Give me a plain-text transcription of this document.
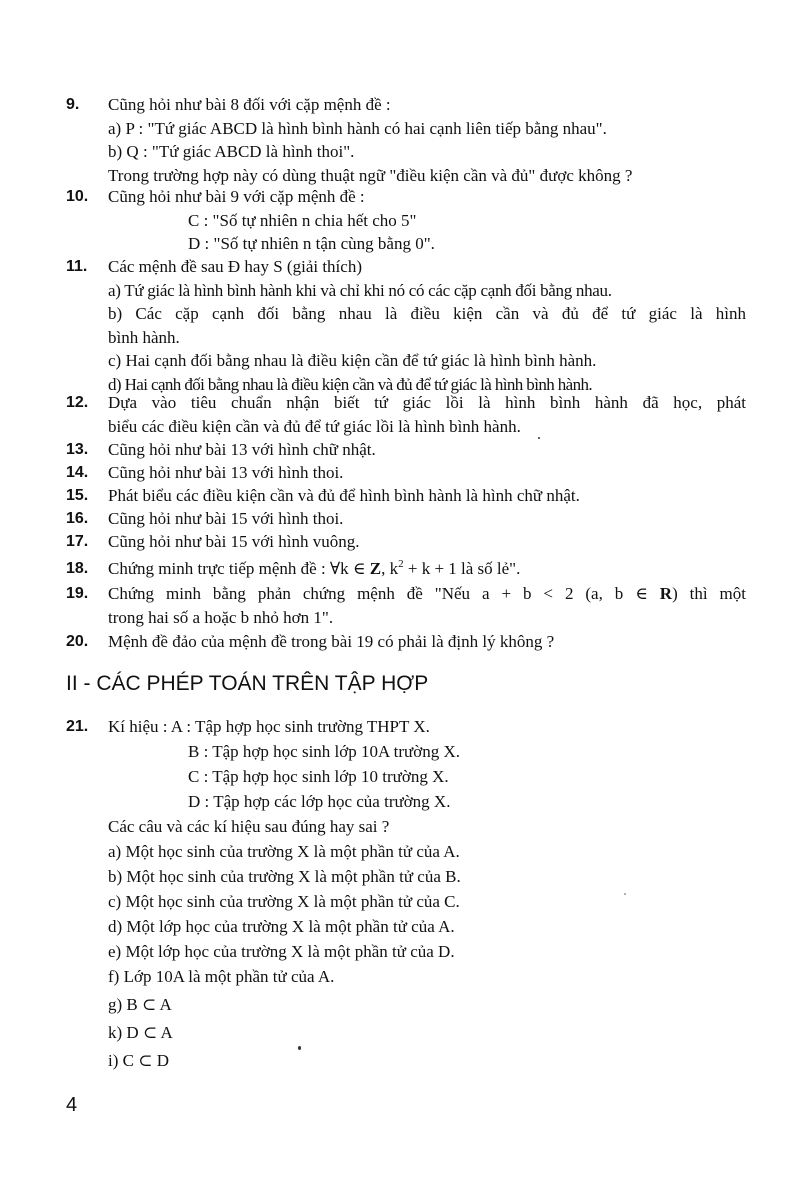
9.	Cũng hỏi như bài 8 đối với cặp mệnh đề :
a) P : "Tứ giác ABCD là hình bình hành có hai cạnh liên tiếp bằng nhau".
b) Q : "Tứ giác ABCD là hình thoi".
Trong trường hợp này có dùng thuật ngữ "điều kiện cần và đủ" được không ?
10.	Cũng hỏi như bài 9 với cặp mệnh đề :
C : "Số tự nhiên n chia hết cho 5"
D : "Số tự nhiên n tận cùng bằng 0".
11.	Các mệnh đề sau Đ hay S (giải thích)
a) Tứ giác là hình bình hành khi và chỉ khi nó có các cặp cạnh đối bằng nhau.
b) Các cặp cạnh đối bằng nhau là điều kiện cần và đủ để tứ giác là hình
bình hành.
c) Hai cạnh đối bằng nhau là điều kiện cần để tứ giác là hình bình hành.
d) Hai cạnh đối bằng nhau là điều kiện cần và đủ để tứ giác là hình bình hành.
12.	Dựa vào tiêu chuẩn nhận biết tứ giác lồi là hình bình hành đã học, phát
biểu các điều kiện cần và đủ để tứ giác lồi là hình bình hành.
13.	Cũng hỏi như bài 13 với hình chữ nhật.
14.	Cũng hỏi như bài 13 với hình thoi.
15.	Phát biểu các điều kiện cần và đủ để hình bình hành là hình chữ nhật.
16.	Cũng hỏi như bài 15 với hình thoi.
17.	Cũng hỏi như bài 15 với hình vuông.
18.	Chứng minh trực tiếp mệnh đề : ∀k ∈ Z, $k^2 + k + 1$ là số lẻ".
19.	Chứng minh bằng phản chứng mệnh đề "Nếu a + b < 2 (a, b ∈ R) thì một
trong hai số a hoặc b nhỏ hơn 1".
20.	Mệnh đề đảo của mệnh đề trong bài 19 có phải là định lý không ?
II - CÁC PHÉP TOÁN TRÊN TẬP HỢP
21.	Kí hiệu : A : Tập hợp học sinh trường THPT X.
B : Tập hợp học sinh lớp 10A trường X.
C : Tập hợp học sinh lớp 10 trường X.
D : Tập hợp các lớp học của trường X.
Các câu và các kí hiệu sau đúng hay sai ?
a) Một học sinh của trường X là một phần tử của A.
b) Một học sinh của trường X là một phần tử của B.
c) Một học sinh của trường X là một phần tử của C.
d) Một lớp học của trường X là một phần tử của A.
e) Một lớp học của trường X là một phần tử của D.
f) Lớp 10A là một phần tử của A.
g) B ⊂ A
k) D ⊂ A
i) C ⊂ D
4
